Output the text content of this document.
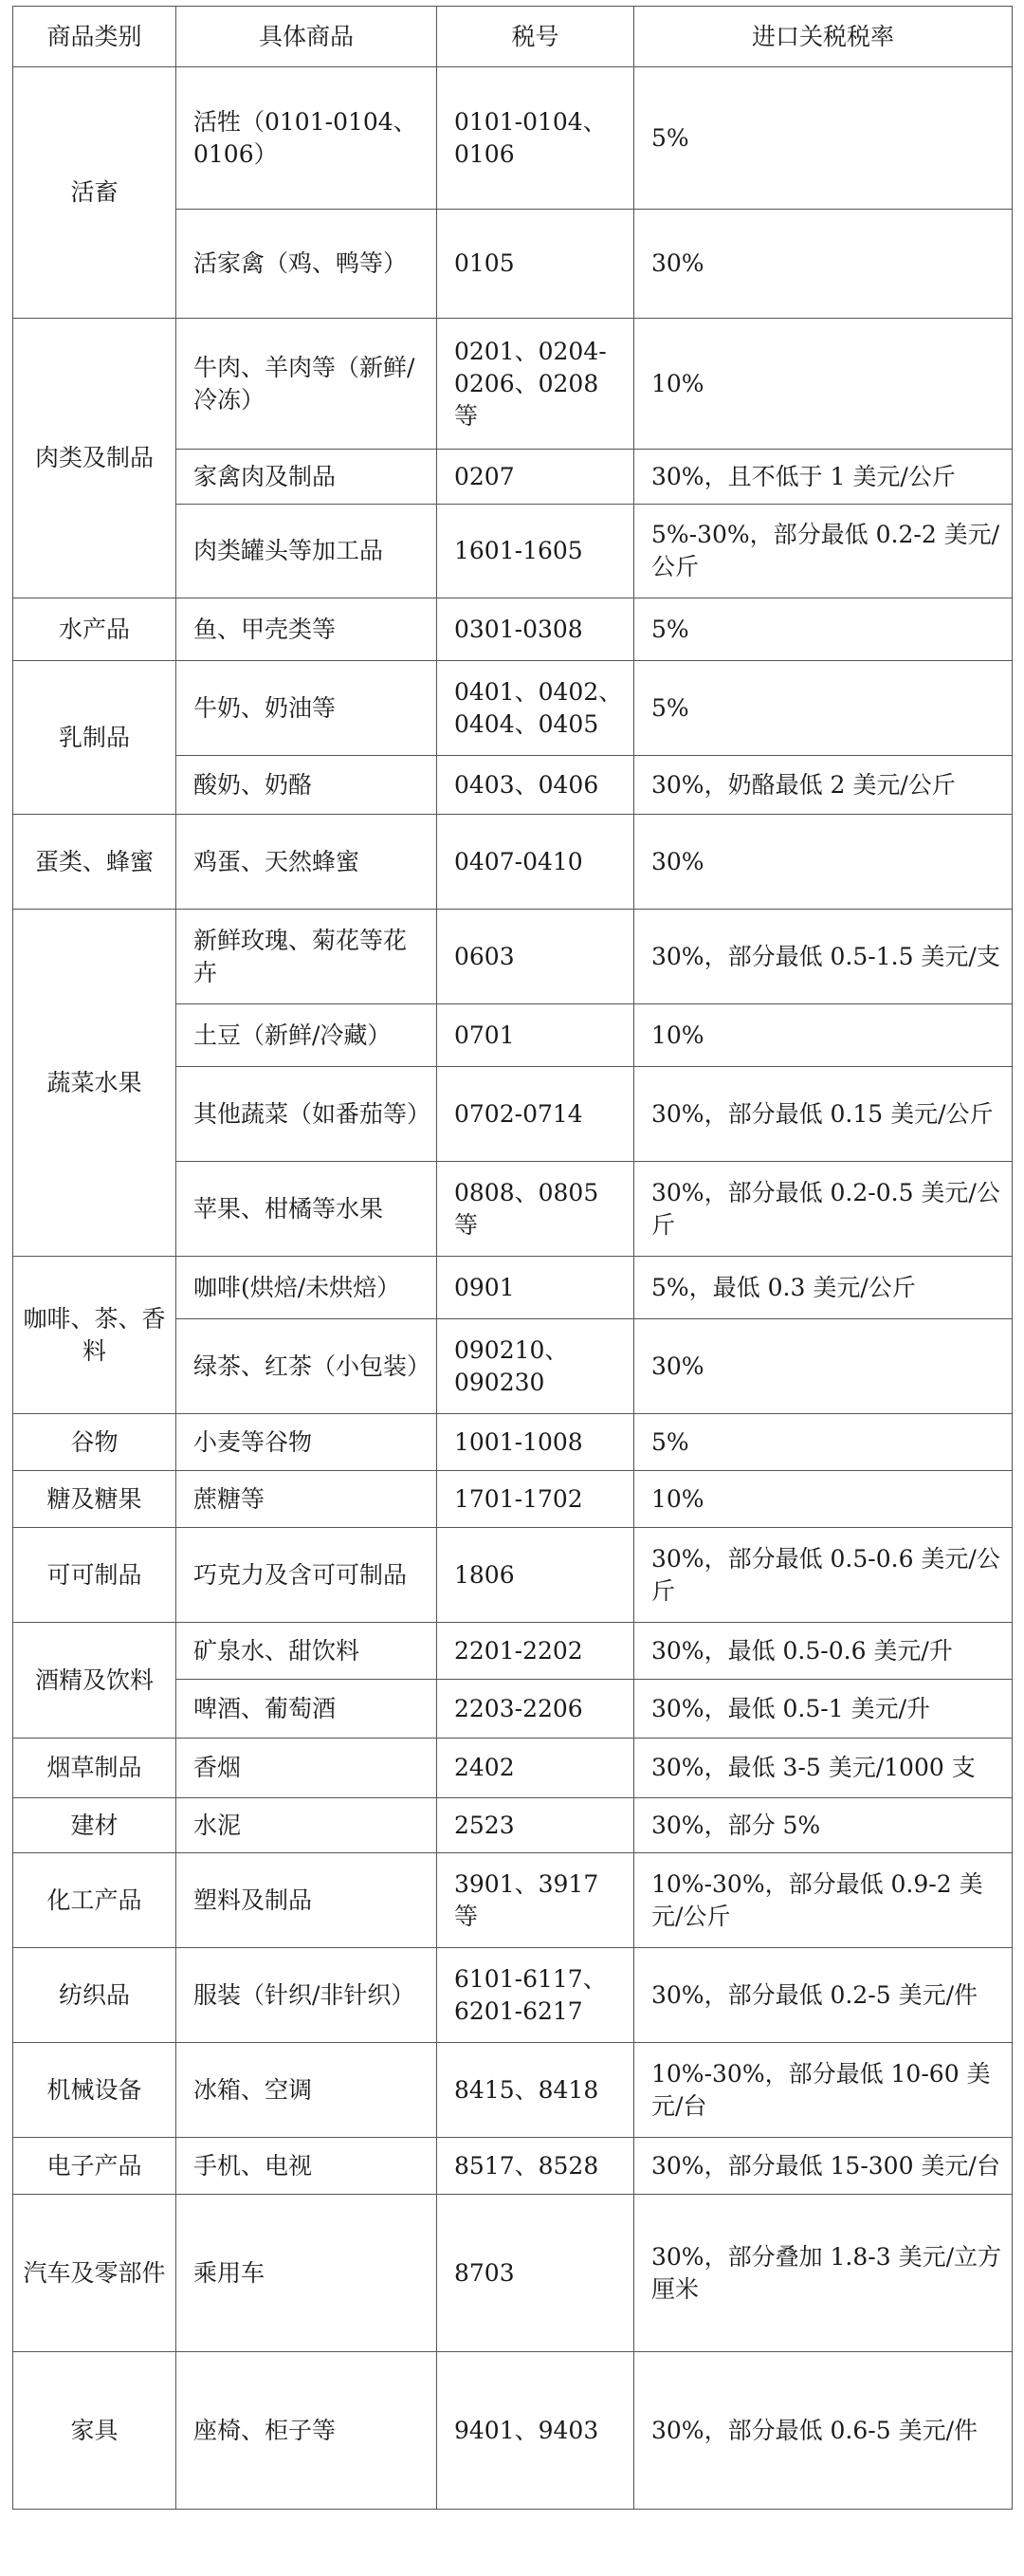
商品类别	具体商品	税号	进口关税税率
活畜	活牲（0101-0104、0106）	0101-0104、0106	5%
	活家禽（鸡、鸭等）	0105	30%
肉类及制品	牛肉、羊肉等（新鲜/冷冻）	0201、0204-0206、0208 等	10%
	家禽肉及制品	0207	30%，且不低于 1 美元/公斤
	肉类罐头等加工品	1601-1605	5%-30%，部分最低 0.2-2 美元/公斤
水产品	鱼、甲壳类等	0301-0308	5%
乳制品	牛奶、奶油等	0401、0402、0404、0405	5%
	酸奶、奶酪	0403、0406	30%，奶酪最低 2 美元/公斤
蛋类、蜂蜜	鸡蛋、天然蜂蜜	0407-0410	30%
蔬菜水果	新鲜玫瑰、菊花等花卉	0603	30%，部分最低 0.5-1.5 美元/支
	土豆（新鲜/冷藏）	0701	10%
	其他蔬菜（如番茄等）	0702-0714	30%，部分最低 0.15 美元/公斤
	苹果、柑橘等水果	0808、0805 等	30%，部分最低 0.2-0.5 美元/公斤
咖啡、茶、香料	咖啡(烘焙/未烘焙）	0901	5%，最低 0.3 美元/公斤
	绿茶、红茶（小包装）	090210、090230	30%
谷物	小麦等谷物	1001-1008	5%
糖及糖果	蔗糖等	1701-1702	10%
可可制品	巧克力及含可可制品	1806	30%，部分最低 0.5-0.6 美元/公斤
酒精及饮料	矿泉水、甜饮料	2201-2202	30%，最低 0.5-0.6 美元/升
	啤酒、葡萄酒	2203-2206	30%，最低 0.5-1 美元/升
烟草制品	香烟	2402	30%，最低 3-5 美元/1000 支
建材	水泥	2523	30%，部分 5%
化工产品	塑料及制品	3901、3917 等	10%-30%，部分最低 0.9-2 美元/公斤
纺织品	服装（针织/非针织）	6101-6117、6201-6217	30%，部分最低 0.2-5 美元/件
机械设备	冰箱、空调	8415、8418	10%-30%，部分最低 10-60 美元/台
电子产品	手机、电视	8517、8528	30%，部分最低 15-300 美元/台
汽车及零部件	乘用车	8703	30%，部分叠加 1.8-3 美元/立方厘米
家具	座椅、柜子等	9401、9403	30%，部分最低 0.6-5 美元/件
